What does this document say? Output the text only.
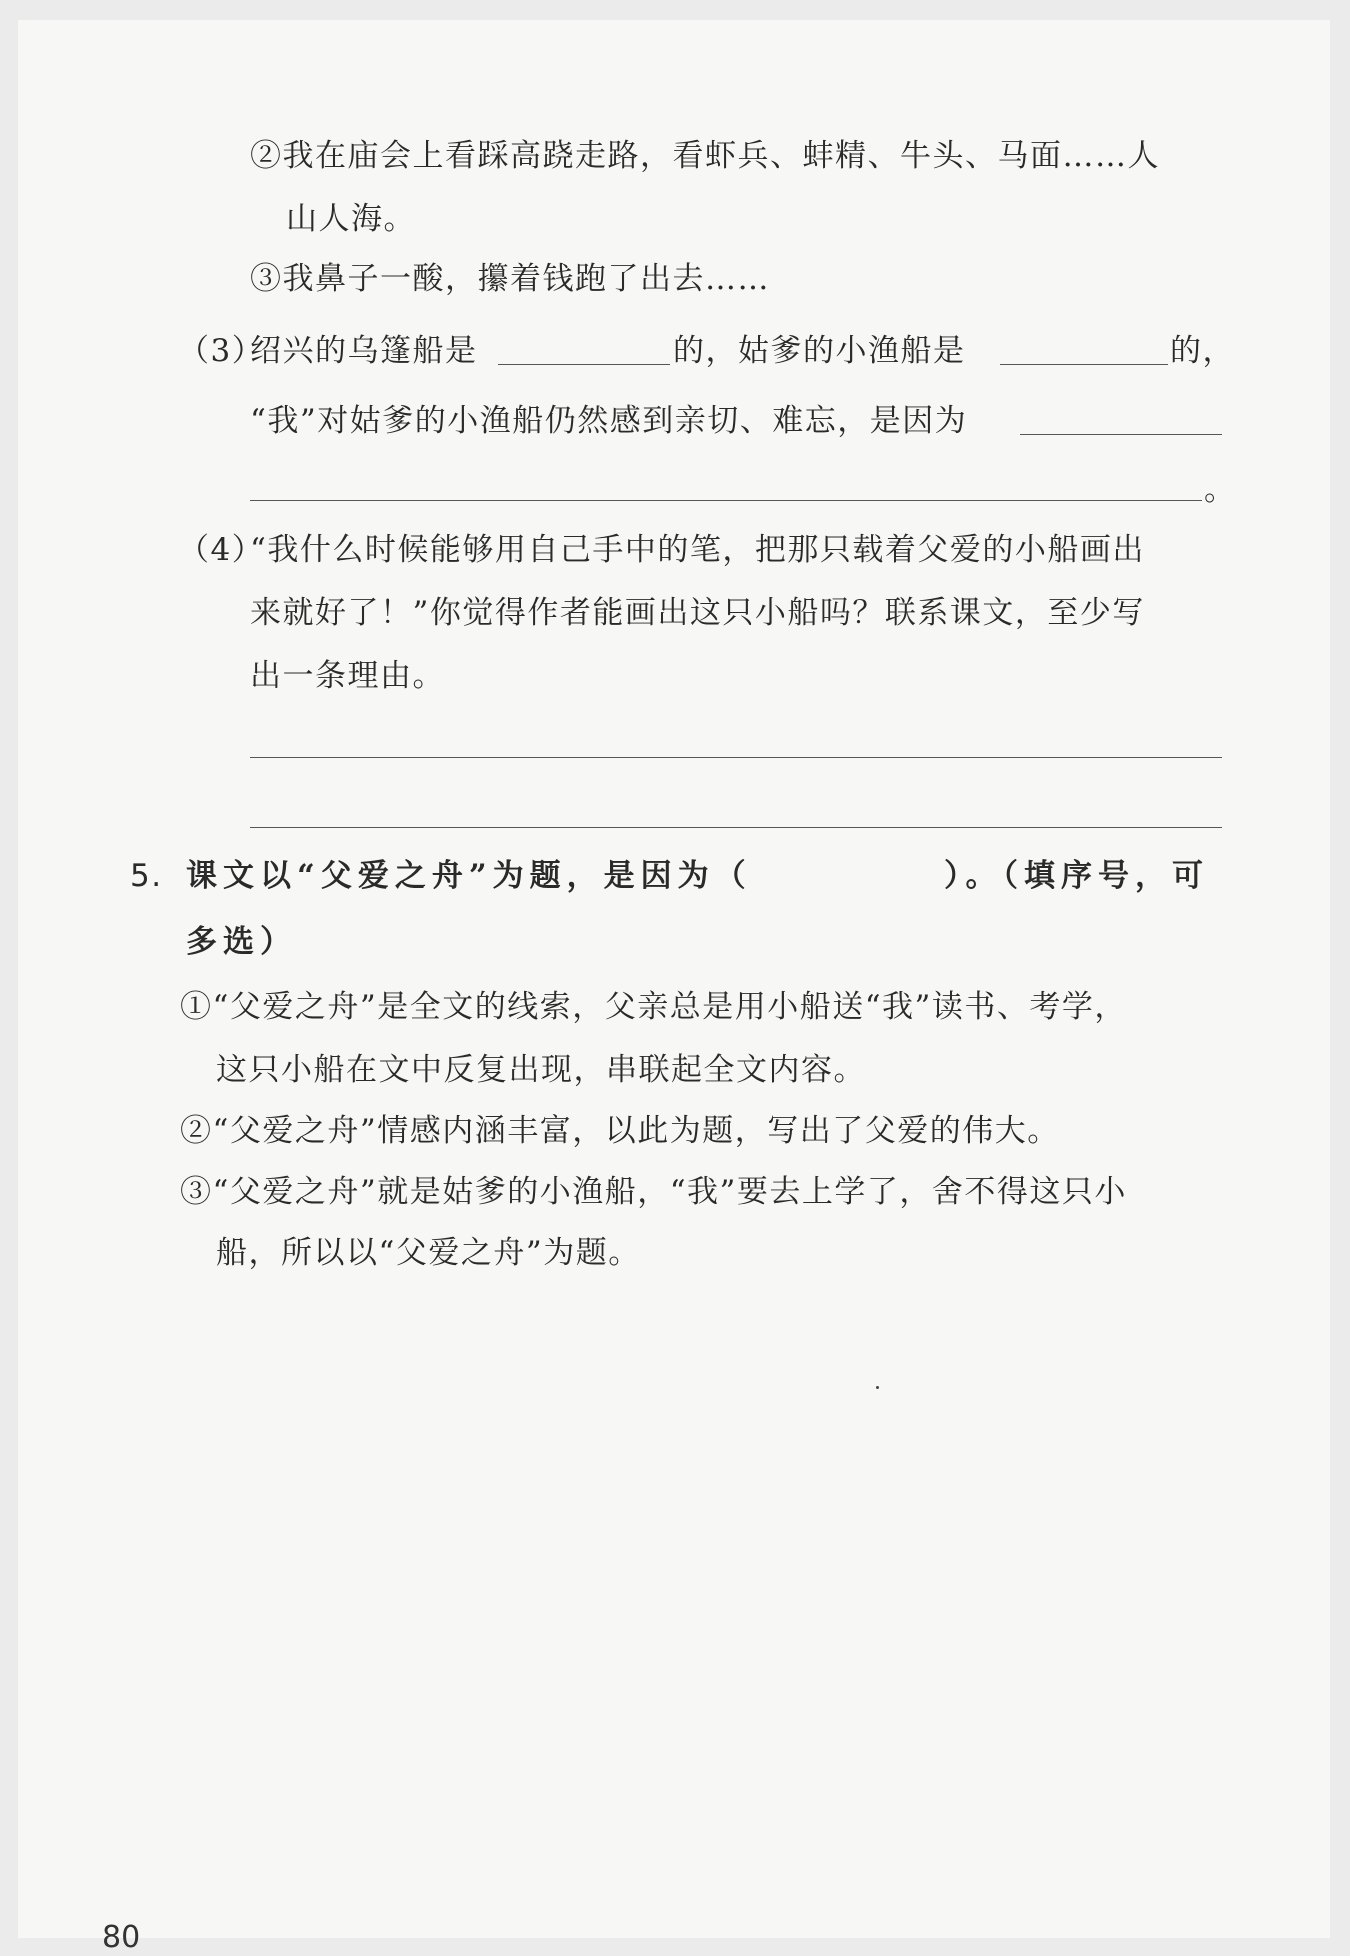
②我在庙会上看踩高跷走路，看虾兵、蚌精、牛头、马面……人
山人海。
③我鼻子一酸，攥着钱跑了出去……
（3）
绍兴的乌篷船是	的，姑爹的小渔船是	的，
“我”对姑爹的小渔船仍然感到亲切、难忘，是因为
。
（4）
“我什么时候能够用自己手中的笔，把那只载着父爱的小船画出
来就好了！”你觉得作者能画出这只小船吗？联系课文，至少写
出一条理由。
5. 课文以“父爱之舟”为题，是因为（	）。（填序号，可
多选）
①“父爱之舟”是全文的线索，父亲总是用小船送“我”读书、考学，
这只小船在文中反复出现，串联起全文内容。
②“父爱之舟”情感内涵丰富，以此为题，写出了父爱的伟大。
③“父爱之舟”就是姑爹的小渔船，“我”要去上学了，舍不得这只小
船，所以以“父爱之舟”为题。
80
